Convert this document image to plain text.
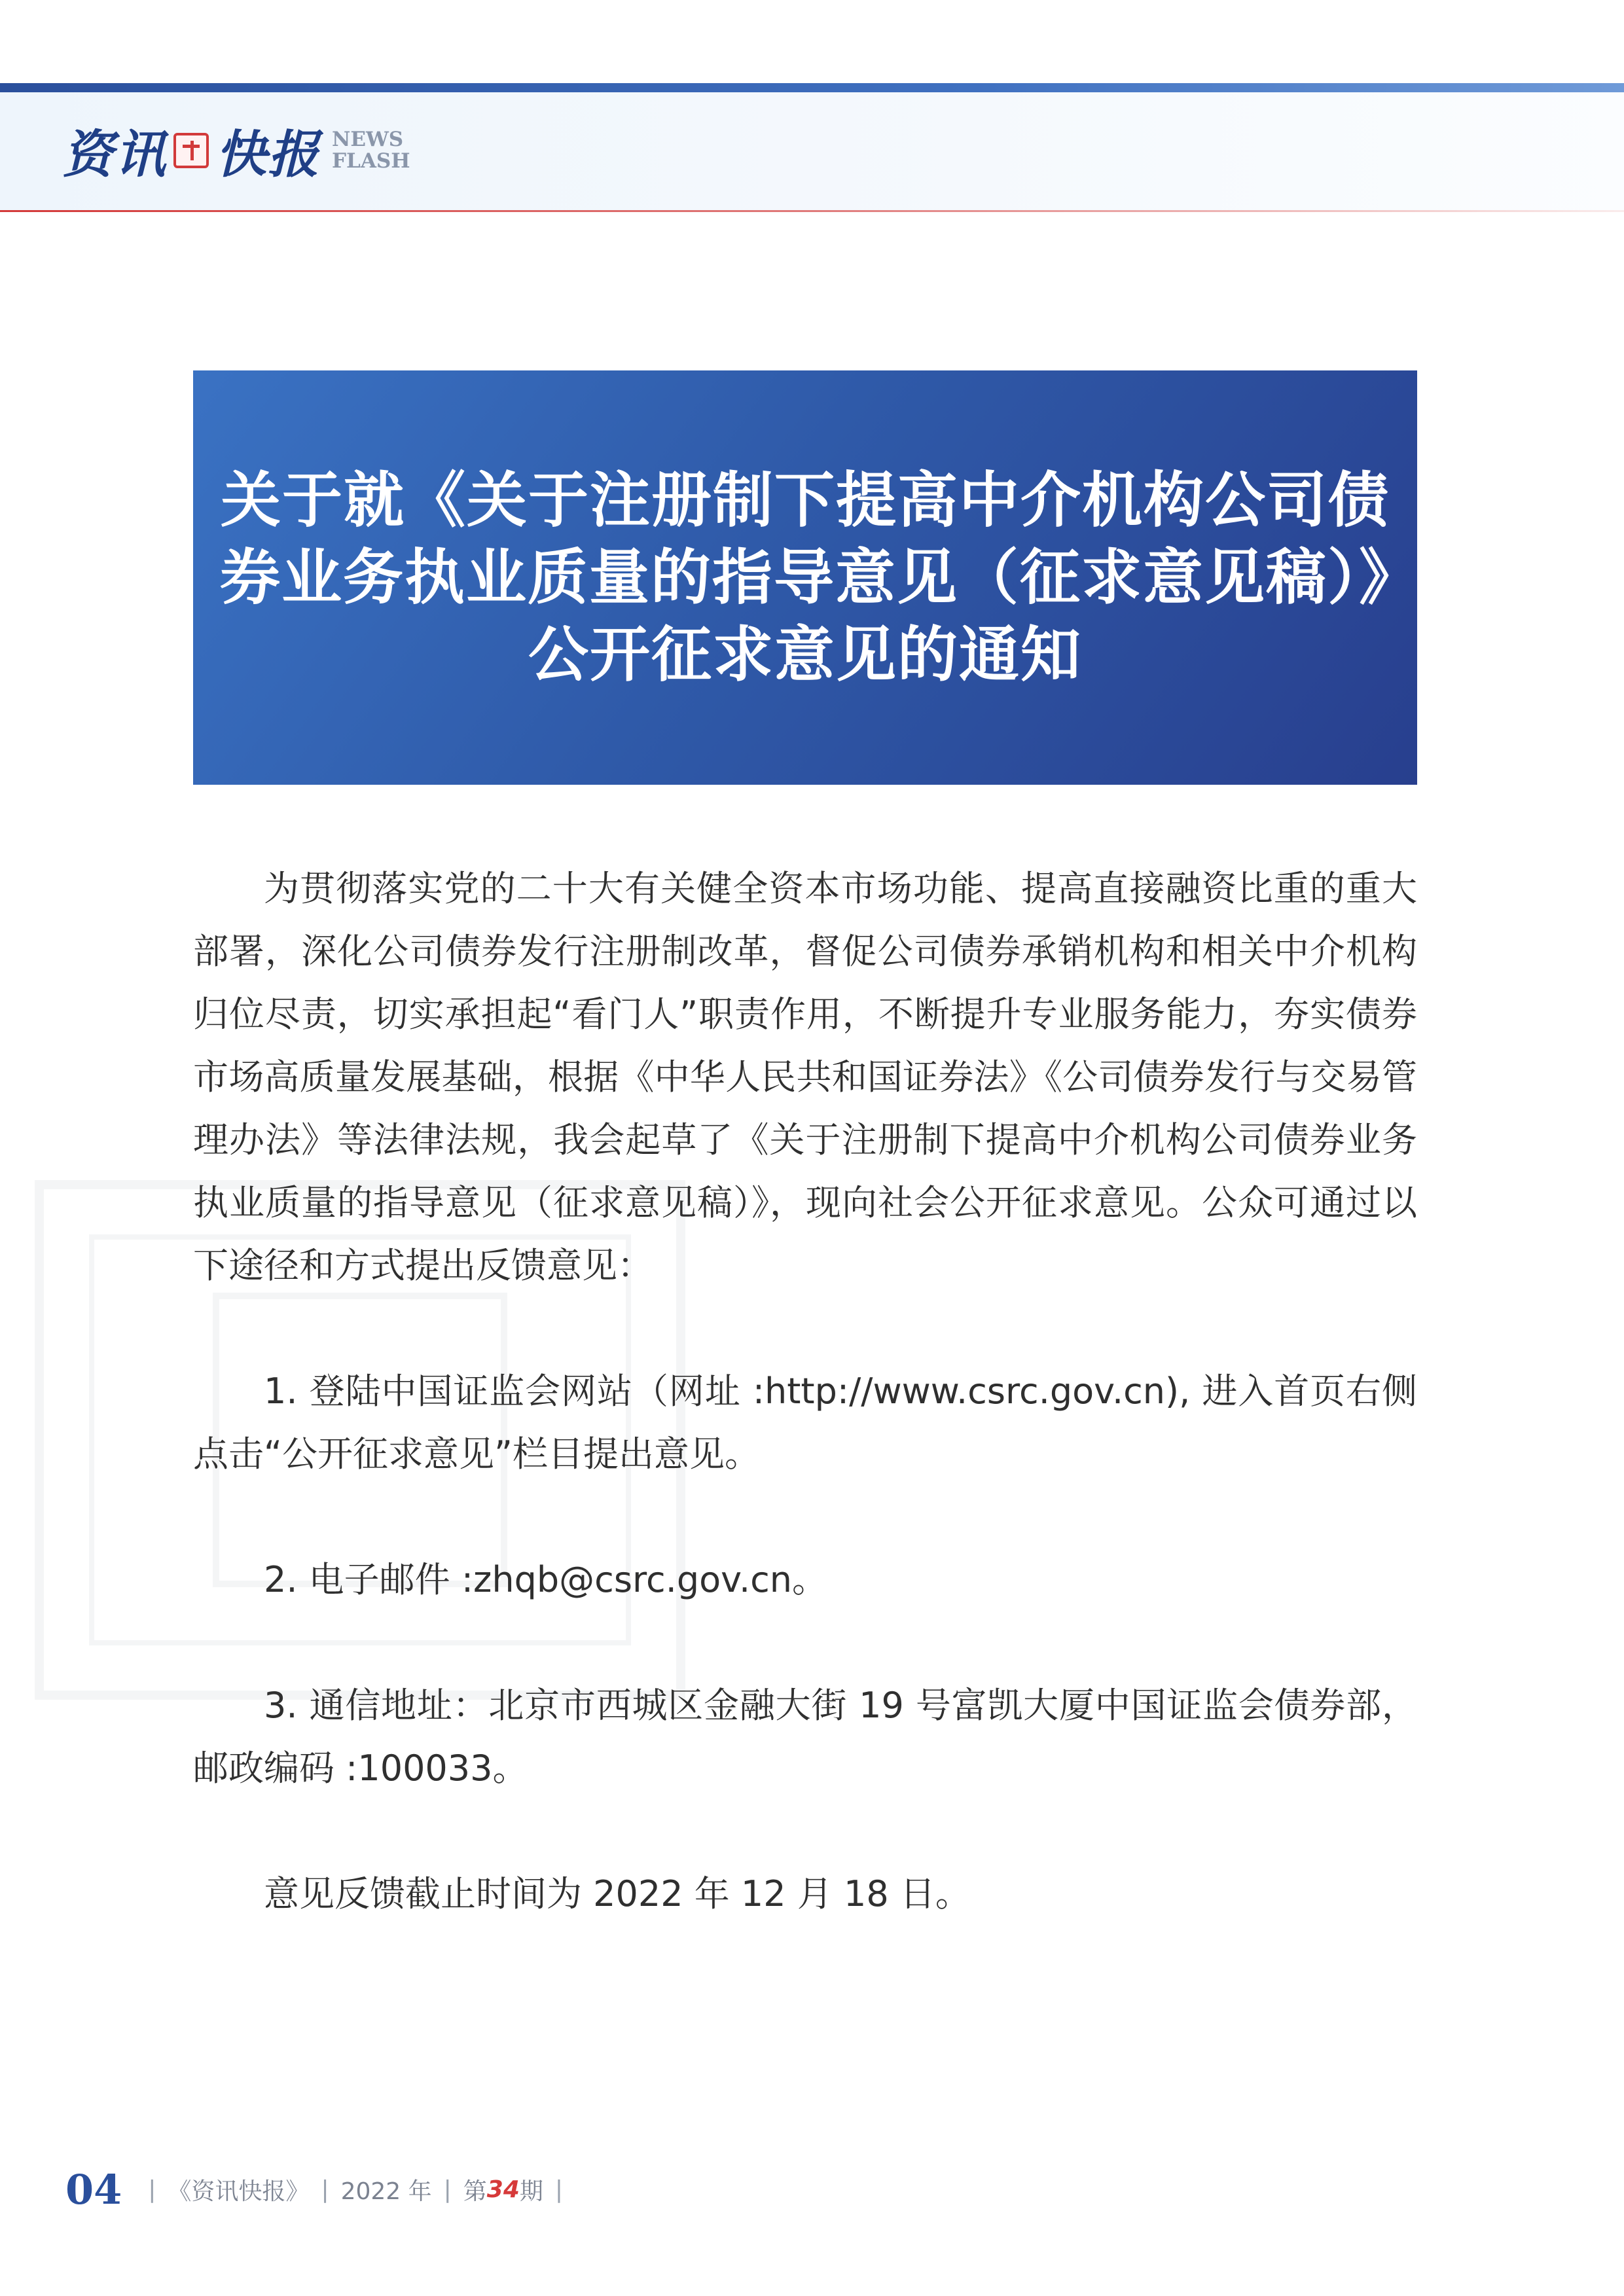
资讯 快报 NEWS
FLASH
关于就《关于注册制下提高中介机构公司债券业务执业质量的指导意见（征求意见稿）》公开征求意见的通知

为贯彻落实党的二十大有关健全资本市场功能、提高直接融资比重的重大部署，深化公司债券发行注册制改革，督促公司债券承销机构和相关中介机构归位尽责，切实承担起“看门人”职责作用，不断提升专业服务能力，夯实债券市场高质量发展基础，根据《中华人民共和国证券法》《公司债券发行与交易管理办法》等法律法规，我会起草了《关于注册制下提高中介机构公司债券业务执业质量的指导意见（征求意见稿）》，现向社会公开征求意见。公众可通过以下途径和方式提出反馈意见：

1. 登陆中国证监会网站（网址 :http://www.csrc.gov.cn), 进入首页右侧点击“公开征求意见”栏目提出意见。

2. 电子邮件 :zhqb@csrc.gov.cn。

3. 通信地址：北京市西城区金融大街 19 号富凯大厦中国证监会债券部，邮政编码 :100033。

意见反馈截止时间为 2022 年 12 月 18 日。

04 | 《资讯快报》 | 2022 年 | 第 34 期 |
